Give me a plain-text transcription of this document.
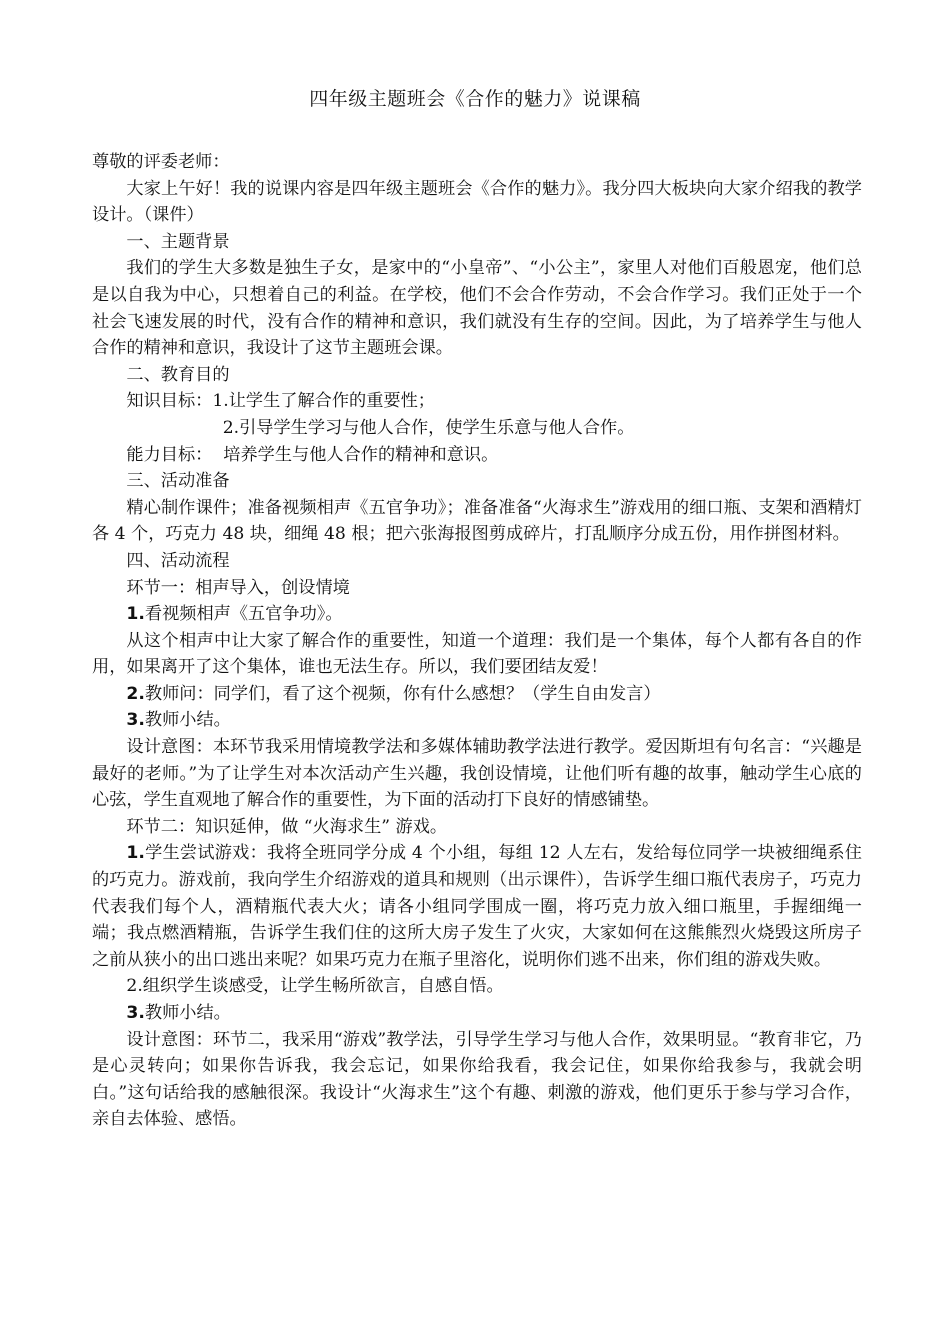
四年级主题班会《合作的魅力》说课稿

尊敬的评委老师：

大家上午好！我的说课内容是四年级主题班会《合作的魅力》。我分四大板块向大家介绍我的教学设计。（课件）

一、主题背景

我们的学生大多数是独生子女，是家中的“小皇帝”、“小公主”，家里人对他们百般恩宠，他们总是以自我为中心，只想着自己的利益。在学校，他们不会合作劳动，不会合作学习。我们正处于一个社会飞速发展的时代，没有合作的精神和意识，我们就没有生存的空间。因此，为了培养学生与他人合作的精神和意识，我设计了这节主题班会课。

二、教育目的

知识目标：1.让学生了解合作的重要性；

2.引导学生学习与他人合作，使学生乐意与他人合作。

能力目标：  培养学生与他人合作的精神和意识。

三、活动准备

精心制作课件；准备视频相声《五官争功》；准备准备“火海求生”游戏用的细口瓶、支架和酒精灯各 4 个，巧克力 48 块，细绳 48 根；把六张海报图剪成碎片，打乱顺序分成五份，用作拼图材料。

四、活动流程

环节一：相声导入，创设情境

1.看视频相声《五官争功》。

从这个相声中让大家了解合作的重要性，知道一个道理：我们是一个集体，每个人都有各自的作用，如果离开了这个集体，谁也无法生存。所以，我们要团结友爱！

2.教师问：同学们，看了这个视频，你有什么感想？（学生自由发言）

3.教师小结。

设计意图：本环节我采用情境教学法和多媒体辅助教学法进行教学。爱因斯坦有句名言：“兴趣是最好的老师。”为了让学生对本次活动产生兴趣，我创设情境，让他们听有趣的故事，触动学生心底的心弦，学生直观地了解合作的重要性，为下面的活动打下良好的情感铺垫。

环节二：知识延伸，做 “火海求生” 游戏。

1.学生尝试游戏：我将全班同学分成 4 个小组，每组 12 人左右，发给每位同学一块被细绳系住的巧克力。游戏前，我向学生介绍游戏的道具和规则（出示课件），告诉学生细口瓶代表房子，巧克力代表我们每个人，酒精瓶代表大火；请各小组同学围成一圈，将巧克力放入细口瓶里，手握细绳一端；我点燃酒精瓶，告诉学生我们住的这所大房子发生了火灾，大家如何在这熊熊烈火烧毁这所房子之前从狭小的出口逃出来呢？如果巧克力在瓶子里溶化，说明你们逃不出来，你们组的游戏失败。

2.组织学生谈感受，让学生畅所欲言，自感自悟。

3.教师小结。

设计意图：环节二，我采用“游戏”教学法，引导学生学习与他人合作，效果明显。“教育非它，乃是心灵转向；如果你告诉我，我会忘记，如果你给我看，我会记住，如果你给我参与，我就会明白。”这句话给我的感触很深。我设计“火海求生”这个有趣、刺激的游戏，他们更乐于参与学习合作，亲自去体验、感悟。
